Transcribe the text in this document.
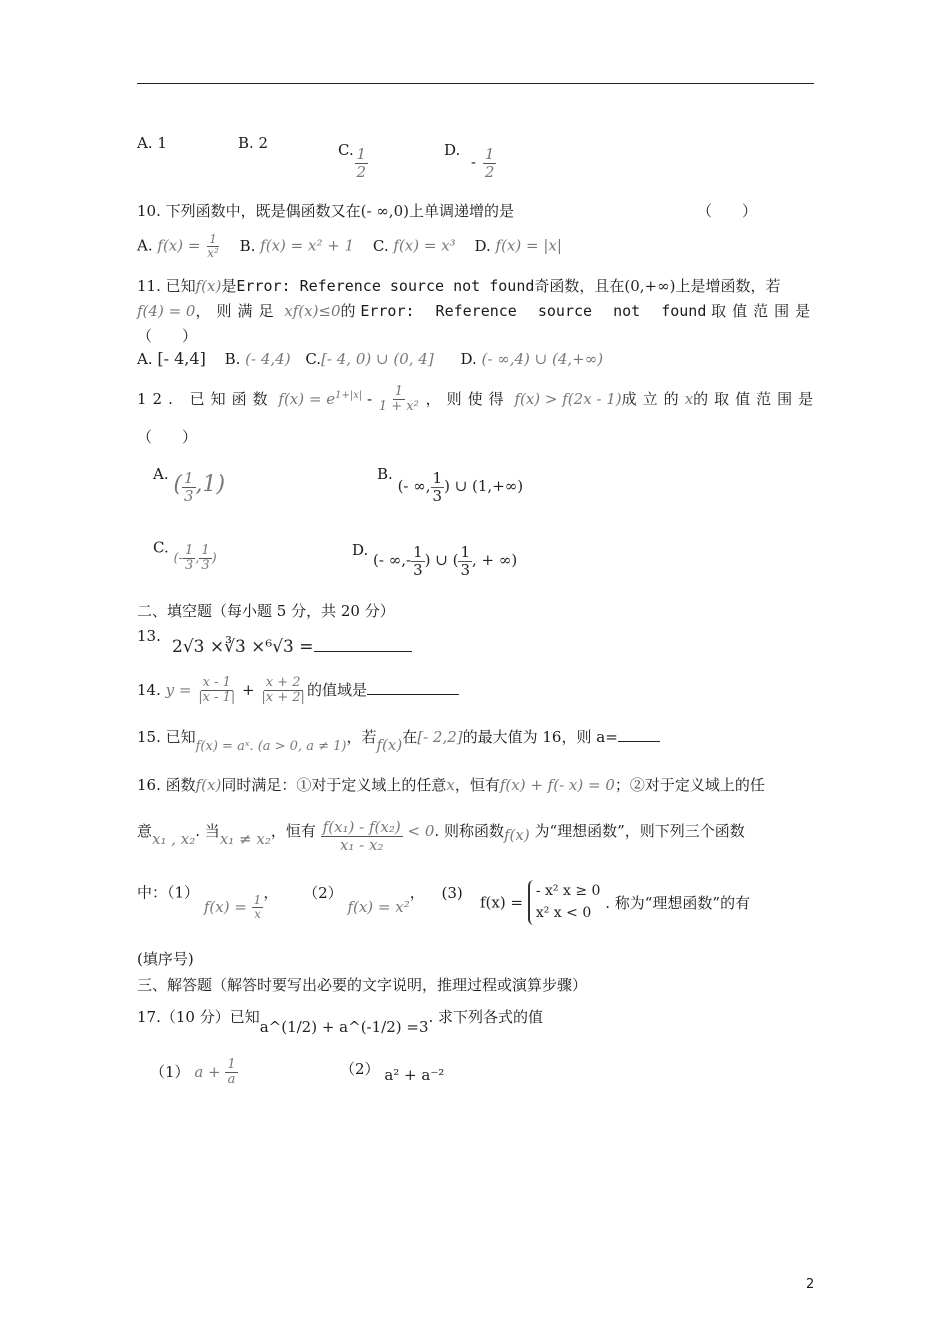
A. 1	B. 2	C. $\frac{1}{2}$	D. - $\frac{1}{2}$
10. 下列函数中，既是偶函数又在(- ∞,0)上单调递增的是	（　　）
A. $f(x) = \frac{1}{\text{x²}} B$. f(x) = x² + 1 C. f(x) = x³ D. f(x) = |x|
11. 已知f(x)是Error: Reference source not found奇函数，且在(0,+∞)上是增函数，若
f(4) = 0，则满足 xf(x)≤0的 Error: Reference source not found 取值范围是
（　　）
A. [- 4,4] B. (- 4,4) C.[- 4, 0) ∪ (0, 4] D. (- ∞,4) ∪ (4,+∞)
12. 已知函数 $f(x) = e^{1+|x|} - \frac{1}{\text{1 + x²}}$ ，则使得 f(x) > f(2x - 1)成立的x的取值范围是
（　　）
A. ( $\frac{1}{3} ,1$)	B. (- ∞, $\frac{1}{3}$ ) ∪ (1,+∞)
C. (- $\frac{1}{3}$ , $\frac{1}{3}$ )	D. (- ∞,- $\frac{1}{3}$ ) ∪ ( $\frac{1}{3}$ , + ∞)
二、填空题（每小题 5 分，共 20 分）
13.
2√3 ×∛3 ×⁶√3 =
14. $y = \frac{x - 1}{|x - 1|} + \frac{x + 2}{|x + 2|}$ 的值域是
15. 已知f(x) = aˣ. (a > 0, a ≠ 1)，若f(x)在[- 2,2]的最大值为 16，则 a=
16. 函数f(x)同时满足：①对于定义域上的任意x，恒有f(x) + f(- x) = 0；②对于定义域上的任
意x₁ , x₂. 当x₁ ≠ x₂，恒有 $\frac{\text{f(x₁) - f(x₂)}}{\text{x₁ - x₂}} < 0$. 则称函数f(x) 为“理想函数”，则下列三个函数
中：（1） $f(x) = \frac{1}{x}$
， （2） f(x) = x²， (3)
f(x) =
- x² x ≥ 0
x² x < 0
. 称为“理想函数”的有
(填序号)
三、解答题（解答时要写出必要的文字说明，推理过程或演算步骤）
17.（10 分）已知a^(1/2) + a^(-1/2) =3. 求下列各式的值
（1） $a + \frac{1}{a}$	（2） a² + a⁻²
2
